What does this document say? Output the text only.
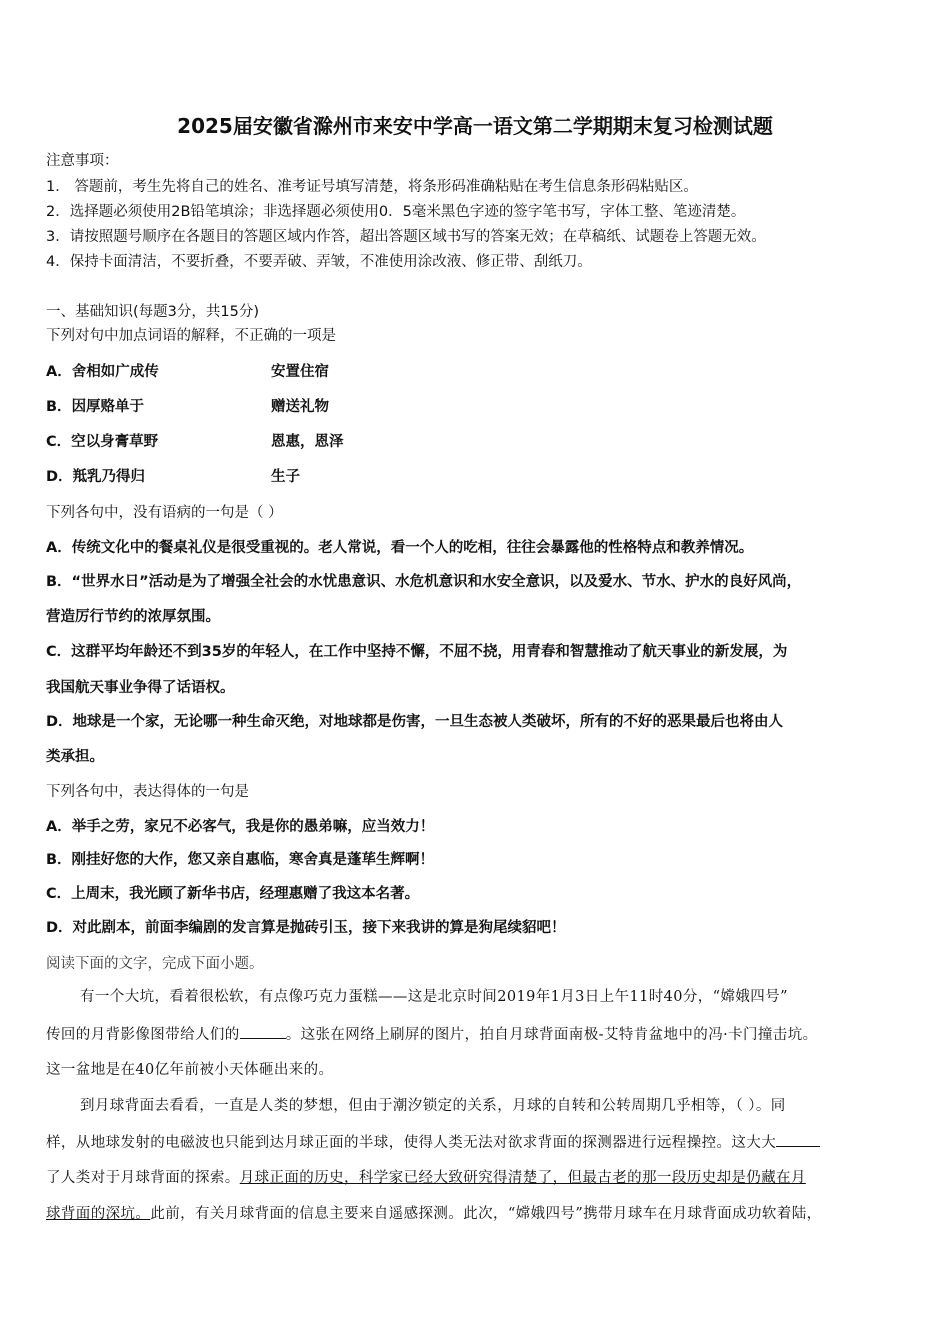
2025届安徽省滁州市来安中学高一语文第二学期期末复习检测试题
注意事项：
1． 答题前，考生先将自己的姓名、准考证号填写清楚，将条形码准确粘贴在考生信息条形码粘贴区。
2．选择题必须使用2B铅笔填涂；非选择题必须使用0．5毫米黑色字迹的签字笔书写，字体工整、笔迹清楚。
3．请按照题号顺序在各题目的答题区域内作答，超出答题区域书写的答案无效；在草稿纸、试题卷上答题无效。
4．保持卡面清洁，不要折叠，不要弄破、弄皱，不准使用涂改液、修正带、刮纸刀。
一、基础知识(每题3分，共15分)
下列对句中加点词语的解释，不正确的一项是
A．舍相如广成传	安置住宿
B．因厚赂单于	赠送礼物
C．空以身膏草野	恩惠，恩泽
D．羝乳乃得归	生子
下列各句中，没有语病的一句是（ ）
A．传统文化中的餐桌礼仪是很受重视的。老人常说，看一个人的吃相，往往会暴露他的性格特点和教养情况。
B．“世界水日”活动是为了增强全社会的水忧患意识、水危机意识和水安全意识，以及爱水、节水、护水的良好风尚，
营造厉行节约的浓厚氛围。
C．这群平均年龄还不到35岁的年轻人，在工作中坚持不懈，不屈不挠，用青春和智慧推动了航天事业的新发展，为
我国航天事业争得了话语权。
D．地球是一个家，无论哪一种生命灭绝，对地球都是伤害，一旦生态被人类破坏，所有的不好的恶果最后也将由人
类承担。
下列各句中，表达得体的一句是
A．举手之劳，家兄不必客气，我是你的愚弟嘛，应当效力！
B．刚挂好您的大作，您又亲自惠临，寒舍真是蓬荜生辉啊！
C．上周末，我光顾了新华书店，经理惠赠了我这本名著。
D．对此剧本，前面李编剧的发言算是抛砖引玉，接下来我讲的算是狗尾续貂吧！
阅读下面的文字，完成下面小题。
有一个大坑，看着很松软，有点像巧克力蛋糕——这是北京时间2019年1月3日上午11时40分，“嫦娥四号”
传回的月背影像图带给人们的	。这张在网络上刷屏的图片，拍自月球背面南极-艾特肯盆地中的冯·卡门撞击坑。
这一盆地是在40亿年前被小天体砸出来的。
到月球背面去看看，一直是人类的梦想，但由于潮汐锁定的关系，月球的自转和公转周期几乎相等，（ ）。同
样，从地球发射的电磁波也只能到达月球正面的半球，使得人类无法对欲求背面的探测器进行远程操控。这大大
了人类对于月球背面的探索。月球正面的历史，科学家已经大致研究得清楚了，但最古老的那一段历史却是仍藏在月
球背面的深坑。此前，有关月球背面的信息主要来自遥感探测。此次，“嫦娥四号”携带月球车在月球背面成功软着陆，
